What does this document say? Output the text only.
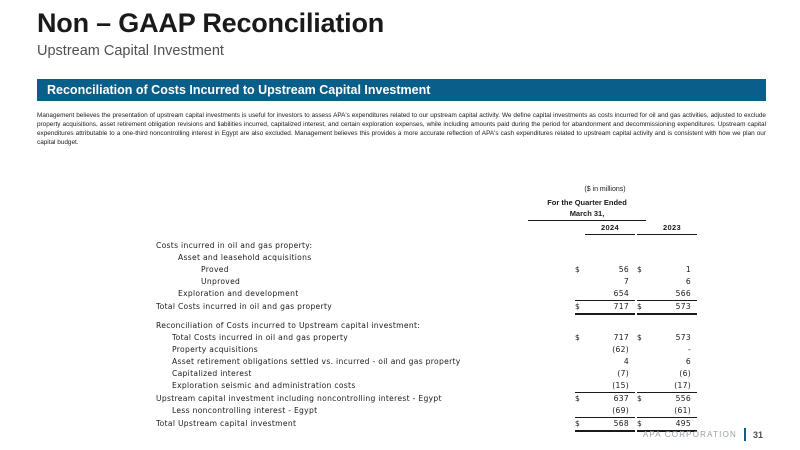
Non – GAAP Reconciliation
Upstream Capital Investment
Reconciliation of Costs Incurred to Upstream Capital Investment
Management believes the presentation of upstream capital investments is useful for investors to assess APA's expenditures related to our upstream capital activity. We define capital investments as costs incurred for oil and gas activities, adjusted to exclude property acquisitions, asset retirement obligation revisions and liabilities incurred, capitalized interest, and certain exploration expenses, while including amounts paid during the period for abandonment and decommissioning expenditures. Upstream capital expenditures attributable to a one-third noncontrolling interest in Egypt are also excluded. Management believes this provides a more accurate reflection of APA's cash expenditures related to upstream capital activity and is consistent with how we plan our capital budget.
($ in millions)
For the Quarter Ended
March 31,
		2024			2023

Costs incurred in oil and gas property:					
Asset and leasehold acquisitions					
Proved	$	56		$	1
Unproved		7			6
Exploration and development		654			566
Total Costs incurred in oil and gas property	$	717		$	573

Reconciliation of Costs incurred to Upstream capital investment:					
Total Costs incurred in oil and gas property	$	717		$	573
Property acquisitions		(62)			-
Asset retirement obligations settled vs. incurred - oil and gas property		4			6
Capitalized interest		(7)			(6)
Exploration seismic and administration costs		(15)			(17)
Upstream capital investment including noncontrolling interest - Egypt	$	637		$	556
Less noncontrolling interest - Egypt		(69)			(61)
Total Upstream capital investment	$	568		$	495
APA CORPORATION 31
